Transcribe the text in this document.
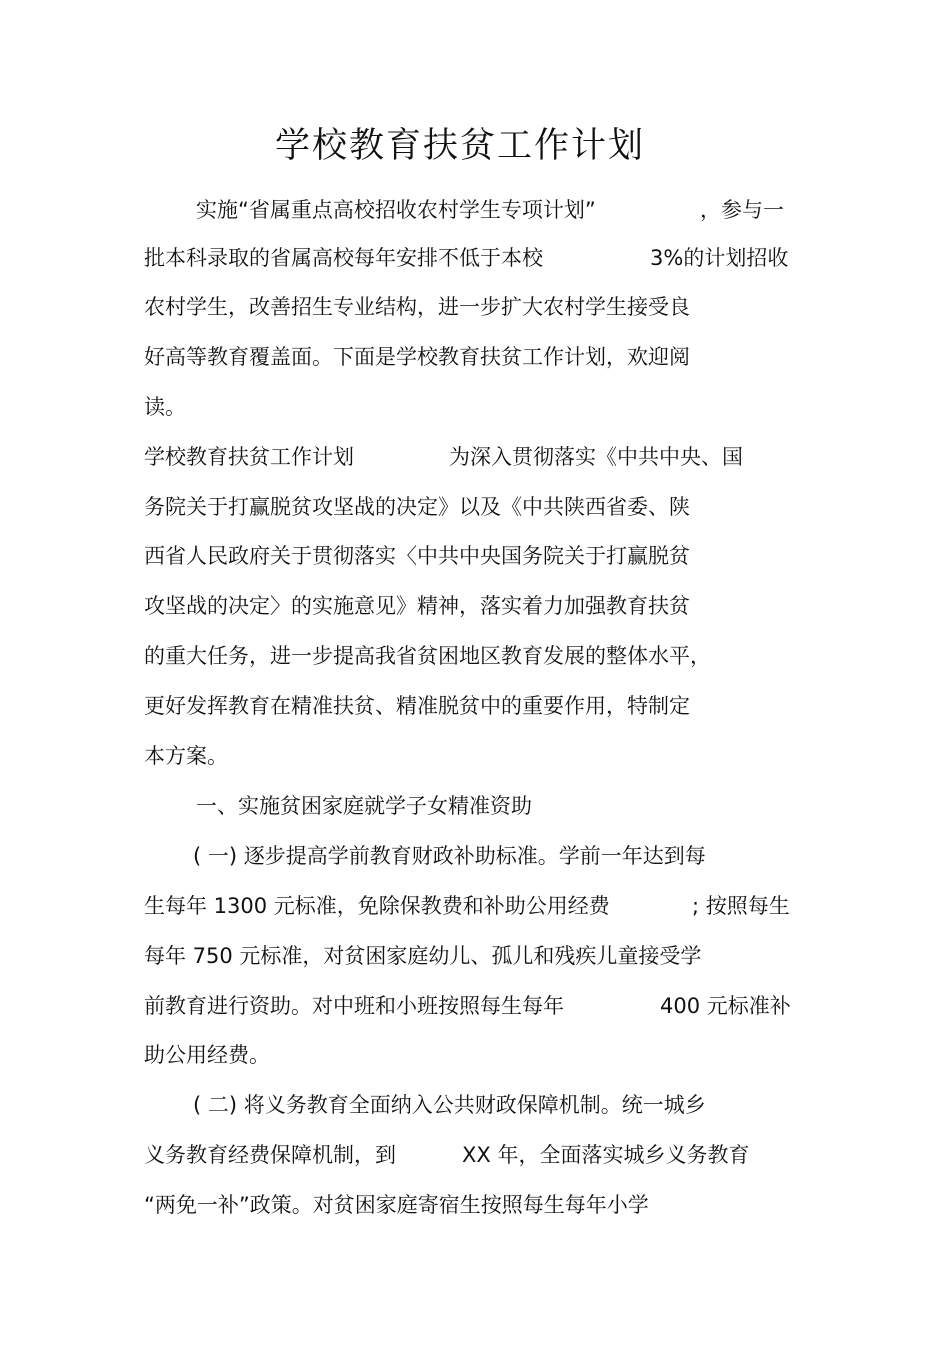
学校教育扶贫工作计划
实施“省属重点高校招收农村学生专项计划”	，参与一
批本科录取的省属高校每年安排不低于本校	3%的计划招收
农村学生，改善招生专业结构，进一步扩大农村学生接受良
好高等教育覆盖面。下面是学校教育扶贫工作计划，欢迎阅
读。
学校教育扶贫工作计划	为深入贯彻落实《中共中央、国
务院关于打赢脱贫攻坚战的决定》以及《中共陕西省委、陕
西省人民政府关于贯彻落实〈中共中央国务院关于打赢脱贫
攻坚战的决定〉的实施意见》精神，落实着力加强教育扶贫
的重大任务，进一步提高我省贫困地区教育发展的整体水平，
更好发挥教育在精准扶贫、精准脱贫中的重要作用，特制定
本方案。
一、实施贫困家庭就学子女精准资助
( 一) 逐步提高学前教育财政补助标准。学前一年达到每
生每年 1300 元标准，免除保教费和补助公用经费	; 按照每生
每年 750 元标准，对贫困家庭幼儿、孤儿和残疾儿童接受学
前教育进行资助。对中班和小班按照每生每年	400 元标准补
助公用经费。
( 二) 将义务教育全面纳入公共财政保障机制。统一城乡
义务教育经费保障机制，到	XX 年，全面落实城乡义务教育
“两免一补”政策。对贫困家庭寄宿生按照每生每年小学
